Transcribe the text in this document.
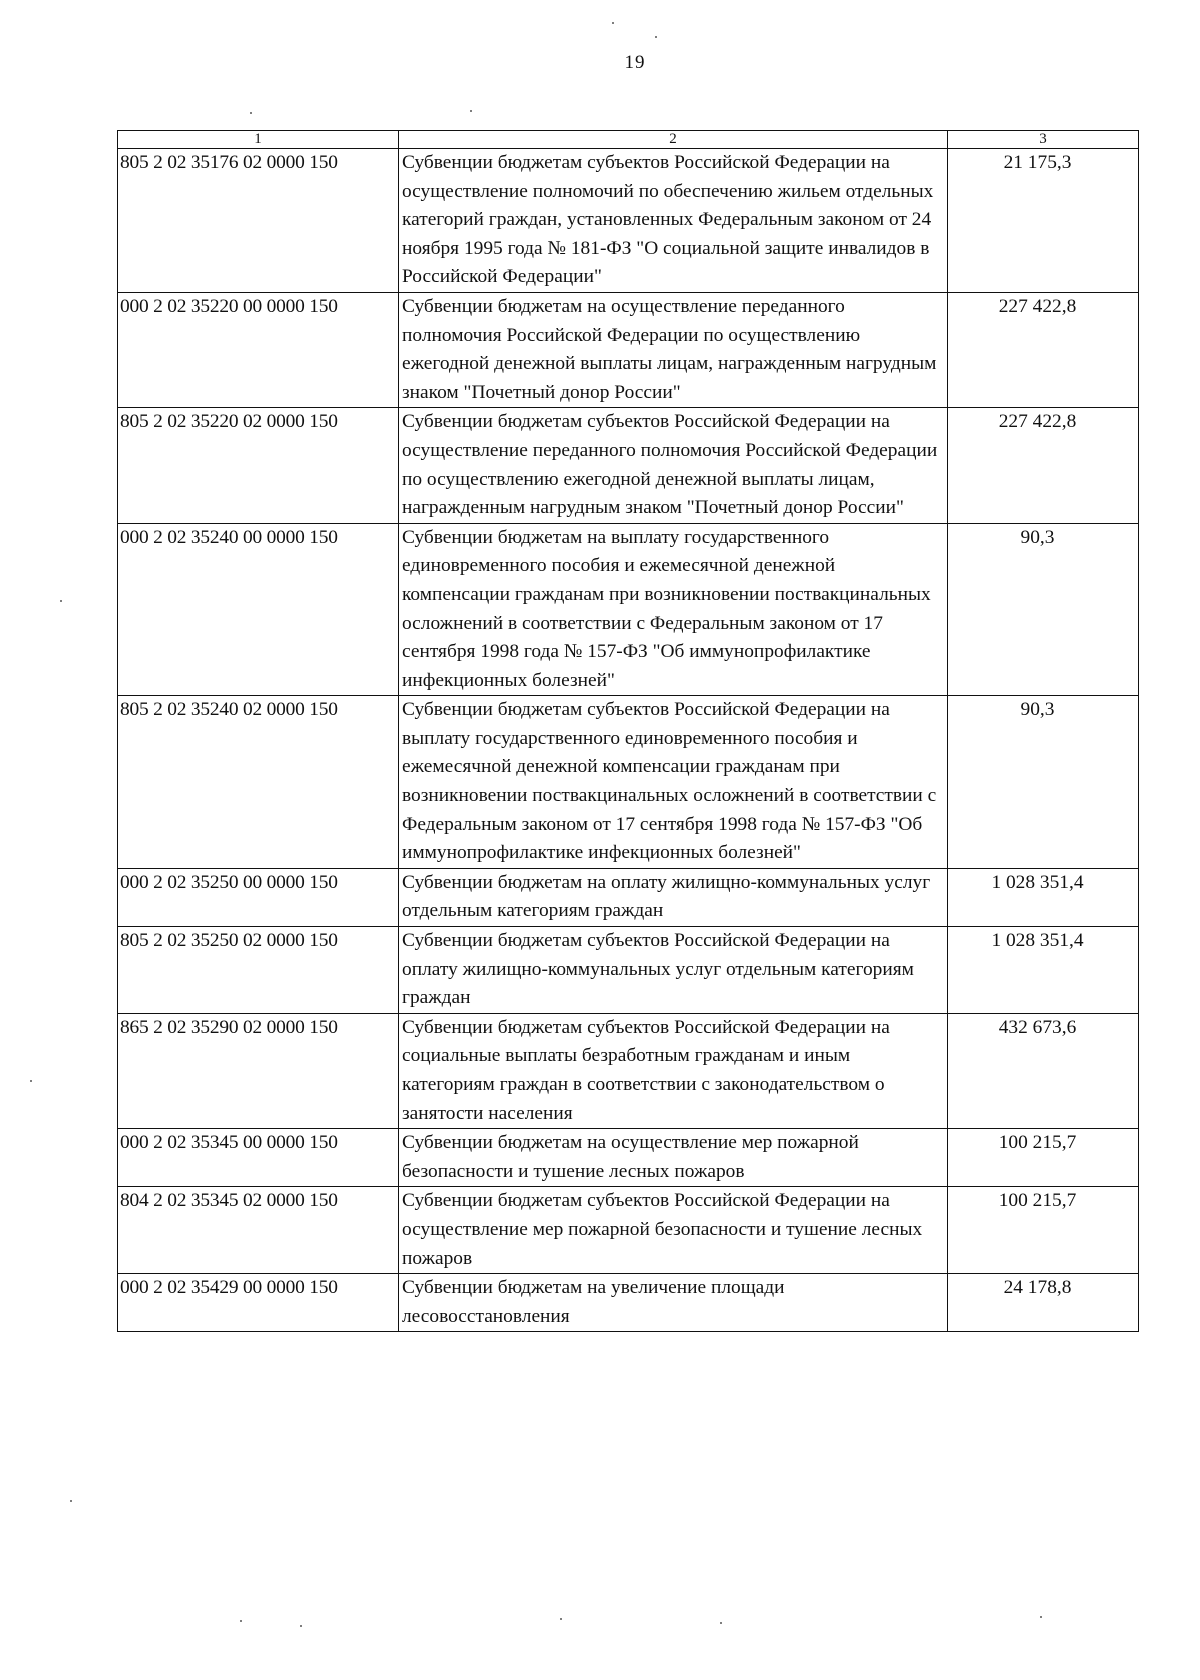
19
1	2	3
805 2 02 35176 02 0000 150	Субвенции бюджетам субъектов Российской Федерации на осуществление полномочий по обеспечению жильем отдельных категорий граждан, установленных Федеральным законом от 24 ноября 1995 года № 181-ФЗ "О социальной защите инвалидов в Российской Федерации"	21 175,3
000 2 02 35220 00 0000 150	Субвенции бюджетам на осуществление переданного полномочия Российской Федерации по осуществлению ежегодной денежной выплаты лицам, награжденным нагрудным знаком "Почетный донор России"	227 422,8
805 2 02 35220 02 0000 150	Субвенции бюджетам субъектов Российской Федерации на осуществление переданного полномочия Российской Федерации по осуществлению ежегодной денежной выплаты лицам, награжденным нагрудным знаком "Почетный донор России"	227 422,8
000 2 02 35240 00 0000 150	Субвенции бюджетам на выплату государственного единовременного пособия и ежемесячной денежной компенсации гражданам при возникновении поствакцинальных осложнений в соответствии с Федеральным законом от 17 сентября 1998 года № 157-ФЗ "Об иммунопрофилактике инфекционных болезней"	90,3
805 2 02 35240 02 0000 150	Субвенции бюджетам субъектов Российской Федерации на выплату государственного единовременного пособия и ежемесячной денежной компенсации гражданам при возникновении поствакцинальных осложнений в соответствии с Федеральным законом от 17 сентября 1998 года № 157-ФЗ "Об иммунопрофилактике инфекционных болезней"	90,3
000 2 02 35250 00 0000 150	Субвенции бюджетам на оплату жилищно-коммунальных услуг отдельным категориям граждан	1 028 351,4
805 2 02 35250 02 0000 150	Субвенции бюджетам субъектов Российской Федерации на оплату жилищно-коммунальных услуг отдельным категориям граждан	1 028 351,4
865 2 02 35290 02 0000 150	Субвенции бюджетам субъектов Российской Федерации на социальные выплаты безработным гражданам и иным категориям граждан в соответствии с законодательством о занятости населения	432 673,6
000 2 02 35345 00 0000 150	Субвенции бюджетам на осуществление мер пожарной безопасности и тушение лесных пожаров	100 215,7
804 2 02 35345 02 0000 150	Субвенции бюджетам субъектов Российской Федерации на осуществление мер пожарной безопасности и тушение лесных пожаров	100 215,7
000 2 02 35429 00 0000 150	Субвенции бюджетам на увеличение площади лесовосстановления	24 178,8
